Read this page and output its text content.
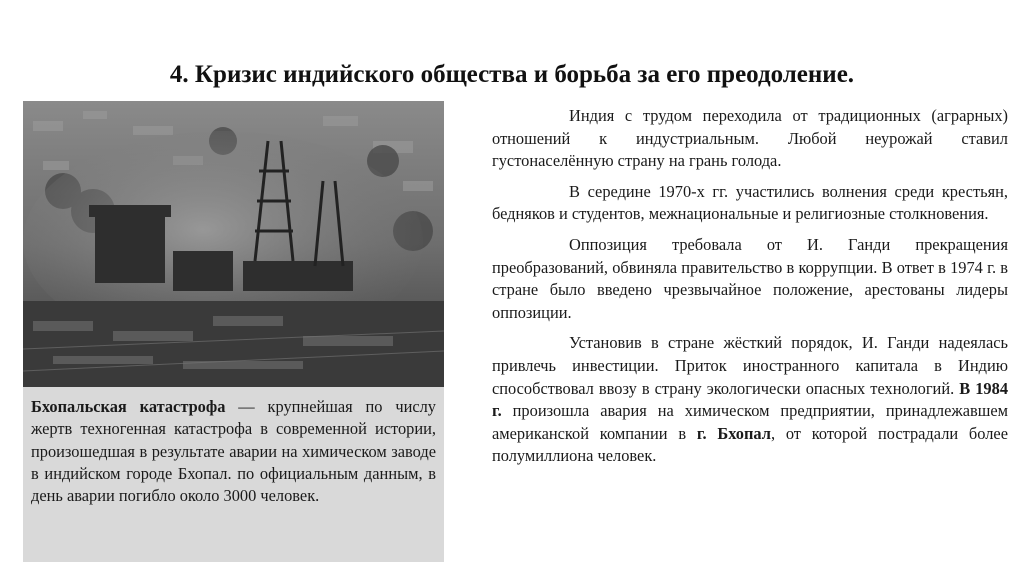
4. Кризис индийского общества и борьба за его преодоление.

Бхопальская катастрофа — крупнейшая по числу жертв техногенная катастрофа в современной истории, произошедшая в результате аварии на химическом заводе в индийском городе Бхопал. по официальным данным, в день аварии погибло около 3000 человек.

Индия с трудом переходила от традиционных (аграрных) отношений к индустриальным. Любой неурожай ставил густонаселённую страну на грань голода.

В середине 1970-х гг. участились волнения среди крестьян, бедняков и студентов, межнациональные и религиозные столкновения.

Оппозиция требовала от И. Ганди прекращения преобразований, обвиняла правительство в коррупции. В ответ в 1974 г. в стране было введено чрезвычайное положение, арестованы лидеры оппозиции.

Установив в стране жёсткий порядок, И. Ганди надеялась привлечь инвестиции. Приток иностранного капитала в Индию способствовал ввозу в страну экологически опасных технологий. В 1984 г. произошла авария на химическом предприятии, принадлежавшем американской компании в г. Бхопал, от которой пострадали более полумиллиона человек.
